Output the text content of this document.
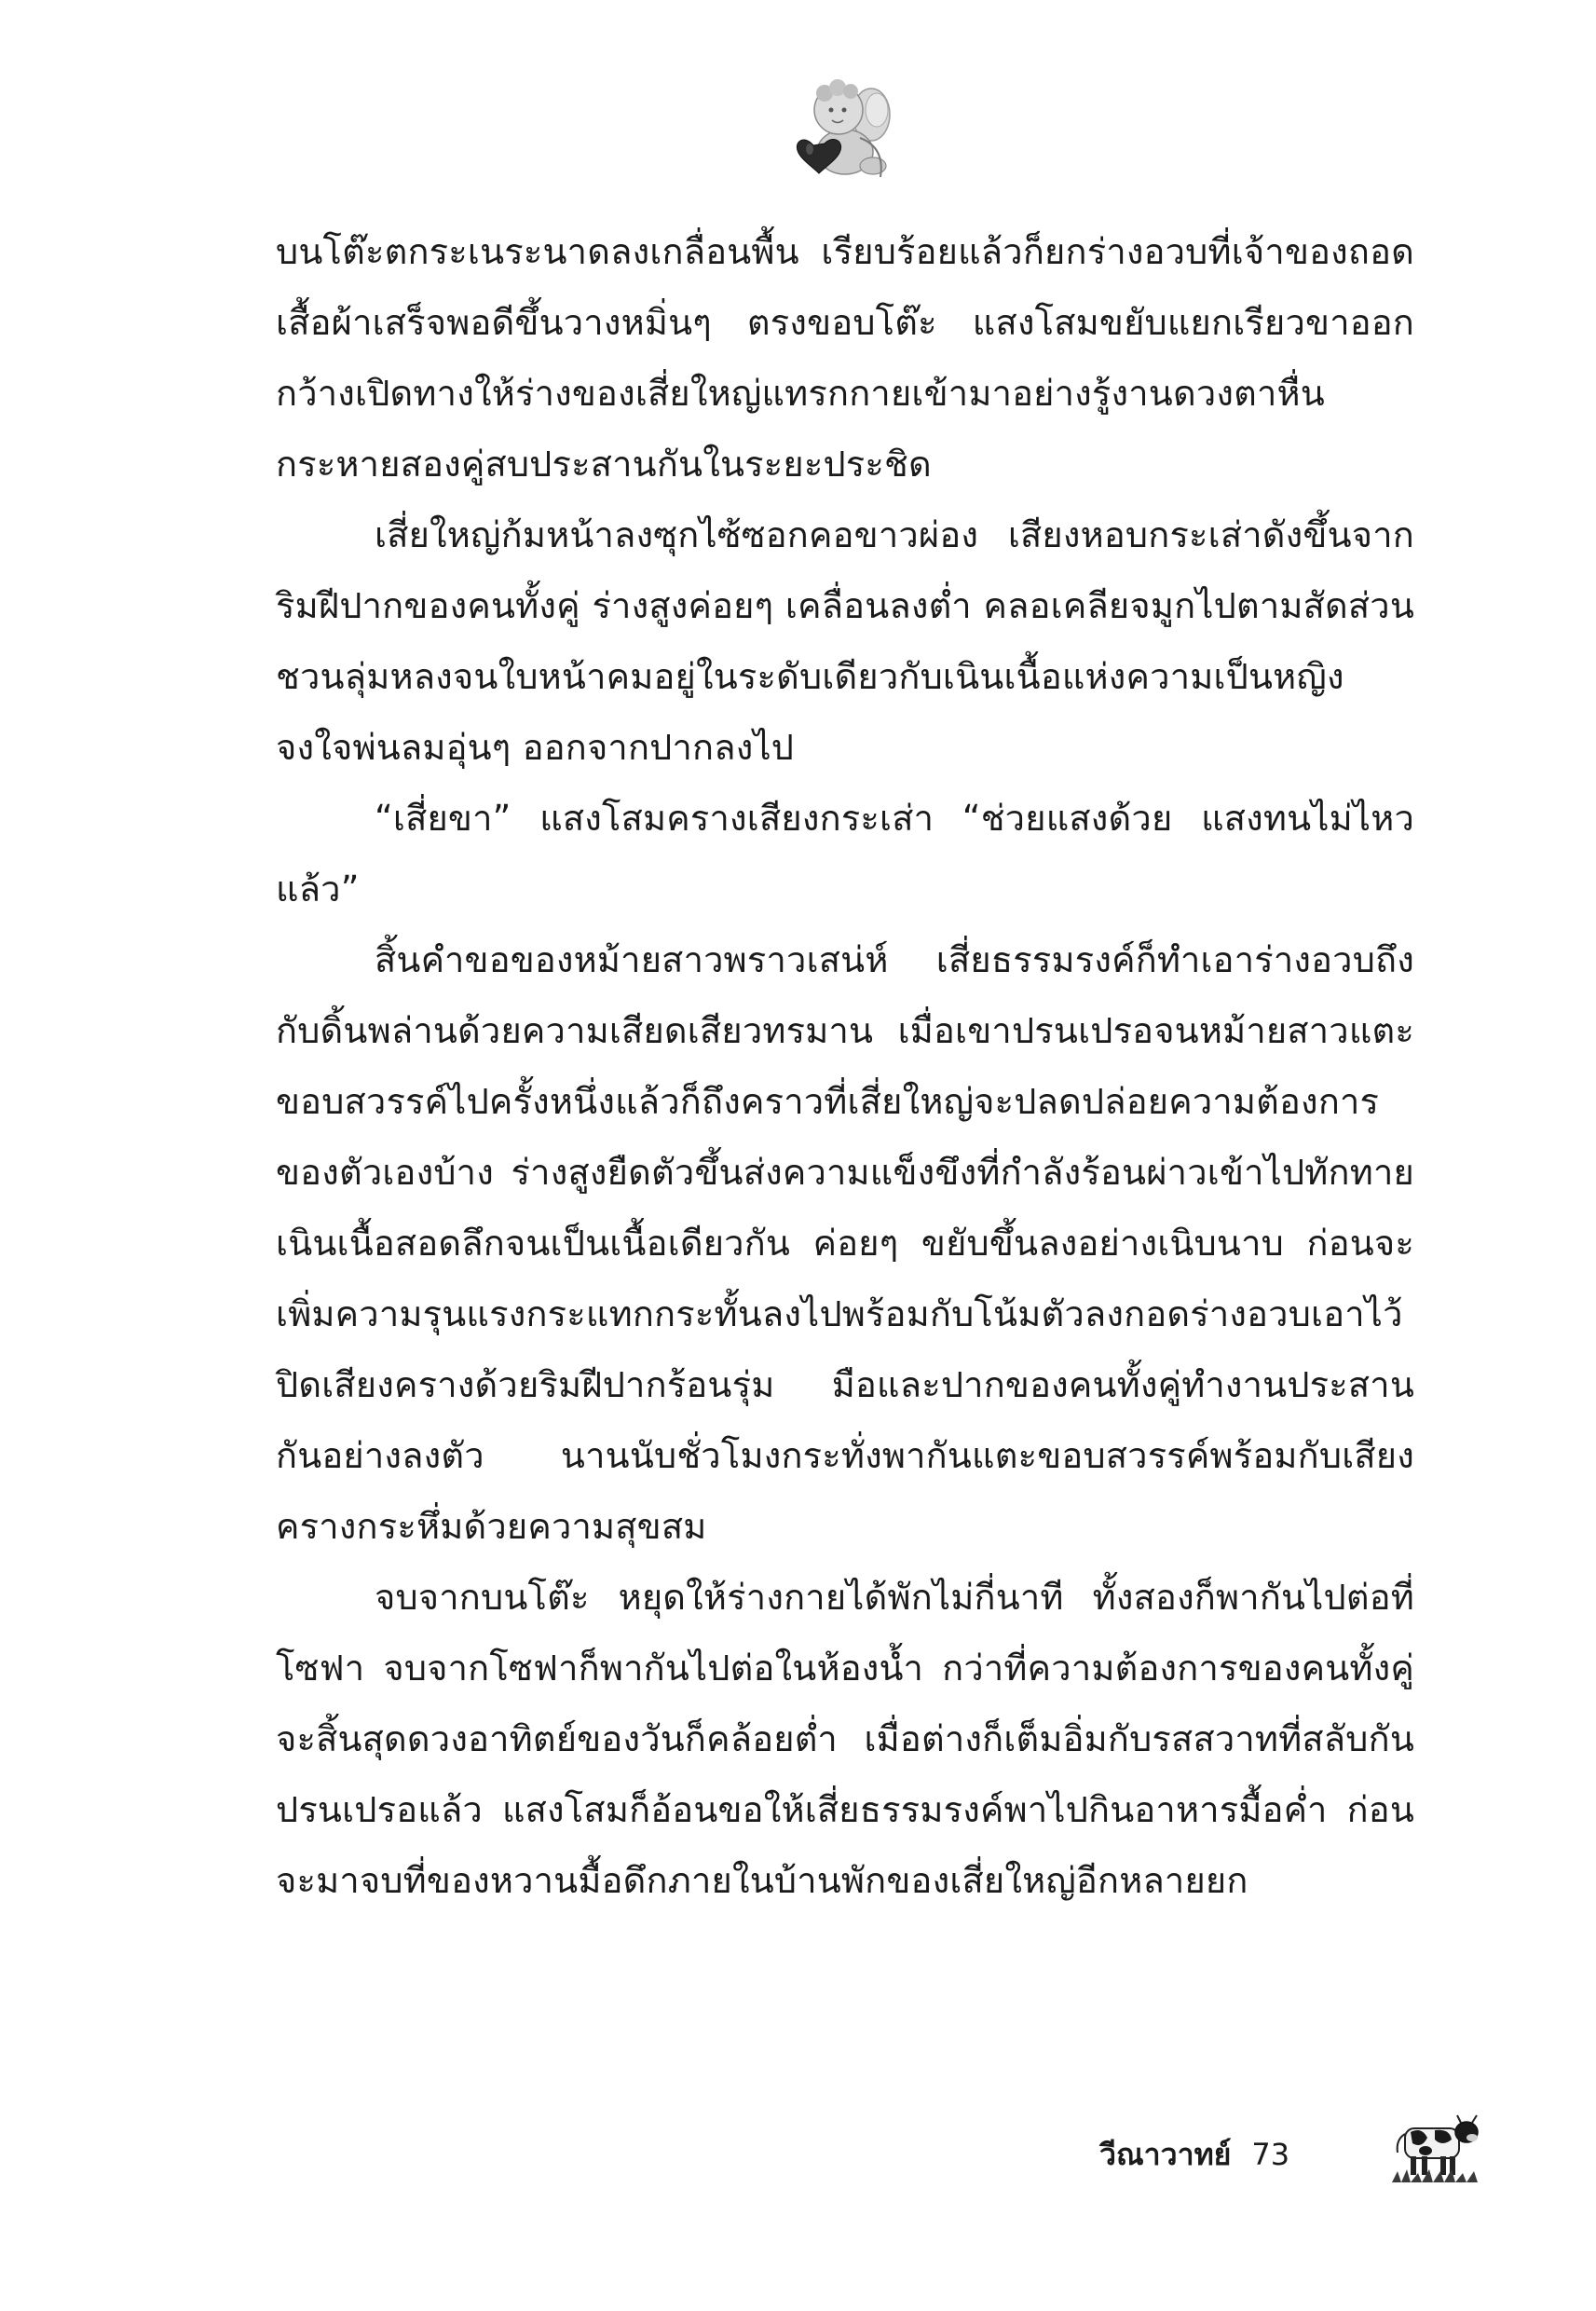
บนโต๊ะตกระเนระนาดลงเกลื่อนพื้น เรียบร้อยแล้วก็ยกร่างอวบที่เจ้าของถอดเสื้อผ้าเสร็จพอดีขึ้นวางหมิ่นๆ ตรงขอบโต๊ะ แสงโสมขยับแยกเรียวขาออกกว้างเปิดทางให้ร่างของเสี่ยใหญ่แทรกกายเข้ามาอย่างรู้งานดวงตาหื่นกระหายสองคู่สบประสานกันในระยะประชิด

เสี่ยใหญ่ก้มหน้าลงซุกไซ้ซอกคอขาวผ่อง เสียงหอบกระเส่าดังขึ้นจากริมฝีปากของคนทั้งคู่ ร่างสูงค่อยๆ เคลื่อนลงต่ำ คลอเคลียจมูกไปตามสัดส่วนชวนลุ่มหลงจนใบหน้าคมอยู่ในระดับเดียวกับเนินเนื้อแห่งความเป็นหญิง จงใจพ่นลมอุ่นๆ ออกจากปากลงไป

“เสี่ยขา” แสงโสมครางเสียงกระเส่า “ช่วยแสงด้วย แสงทนไม่ไหวแล้ว”

สิ้นคำขอของหม้ายสาวพราวเสน่ห์ เสี่ยธรรมรงค์ก็ทำเอาร่างอวบถึงกับดิ้นพล่านด้วยความเสียดเสียวทรมาน เมื่อเขาปรนเปรอจนหม้ายสาวแตะขอบสวรรค์ไปครั้งหนึ่งแล้วก็ถึงคราวที่เสี่ยใหญ่จะปลดปล่อยความต้องการของตัวเองบ้าง ร่างสูงยืดตัวขึ้นส่งความแข็งขึงที่กำลังร้อนผ่าวเข้าไปทักทายเนินเนื้อสอดลึกจนเป็นเนื้อเดียวกัน ค่อยๆ ขยับขึ้นลงอย่างเนิบนาบ ก่อนจะเพิ่มความรุนแรงกระแทกกระทั้นลงไปพร้อมกับโน้มตัวลงกอดร่างอวบเอาไว้ ปิดเสียงครางด้วยริมฝีปากร้อนรุ่ม มือและปากของคนทั้งคู่ทำงานประสานกันอย่างลงตัว นานนับชั่วโมงกระทั่งพากันแตะขอบสวรรค์พร้อมกับเสียงครางกระหึ่มด้วยความสุขสม

จบจากบนโต๊ะ หยุดให้ร่างกายได้พักไม่กี่นาที ทั้งสองก็พากันไปต่อที่โซฟา จบจากโซฟาก็พากันไปต่อในห้องน้ำ กว่าที่ความต้องการของคนทั้งคู่จะสิ้นสุดดวงอาทิตย์ของวันก็คล้อยต่ำ เมื่อต่างก็เต็มอิ่มกับรสสวาทที่สลับกันปรนเปรอแล้ว แสงโสมก็อ้อนขอให้เสี่ยธรรมรงค์พาไปกินอาหารมื้อค่ำ ก่อนจะมาจบที่ของหวานมื้อดึกภายในบ้านพักของเสี่ยใหญ่อีกหลายยก

วีณาวาทย์ 73
